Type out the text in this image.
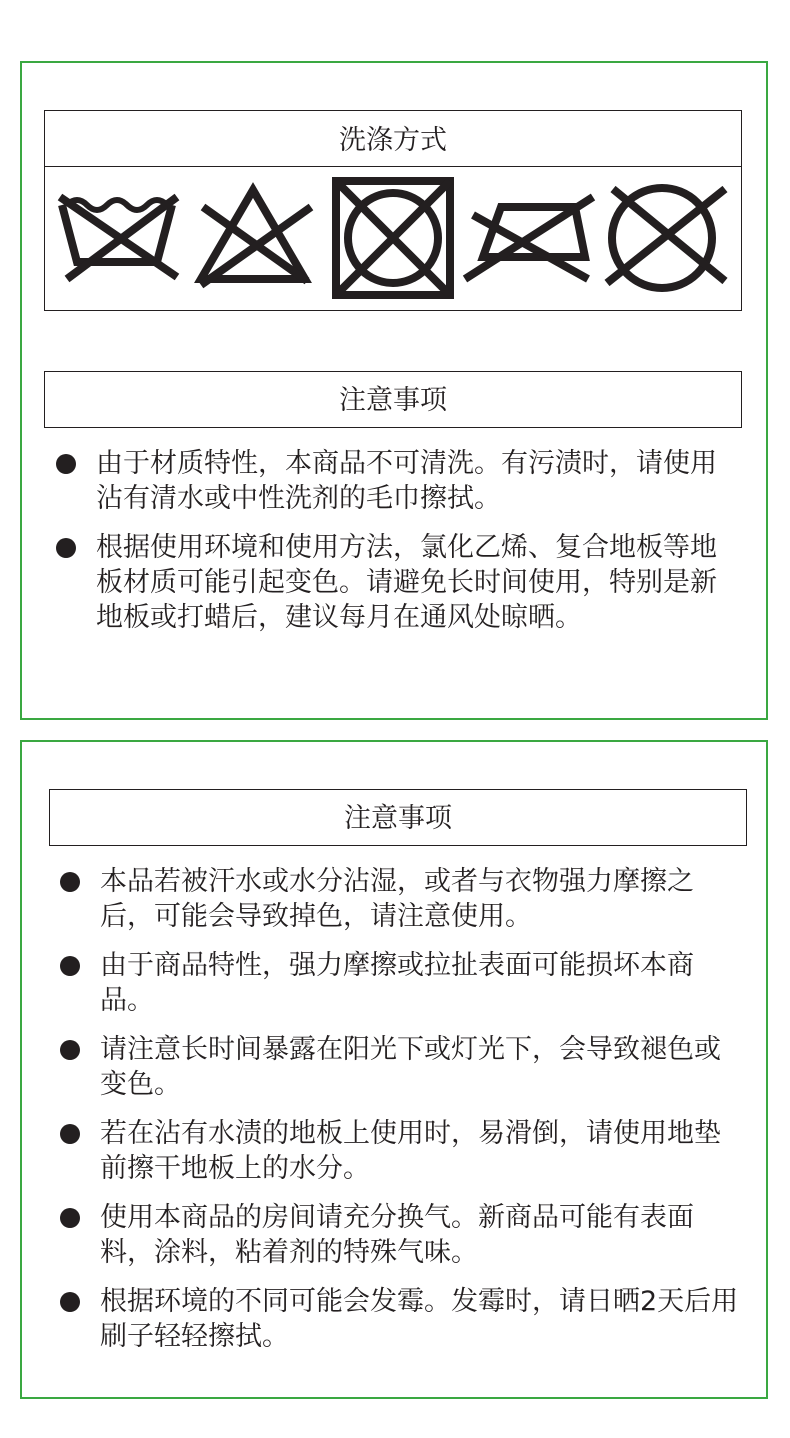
洗涤方式
注意事项
由于材质特性，本商品不可清洗。有污渍时，请使用沾有清水或中性洗剂的毛巾擦拭。
根据使用环境和使用方法，氯化乙烯、复合地板等地板材质可能引起变色。请避免长时间使用，特别是新地板或打蜡后，建议每月在通风处晾晒。
注意事项
本品若被汗水或水分沾湿，或者与衣物强力摩擦之后，可能会导致掉色，请注意使用。
由于商品特性，强力摩擦或拉扯表面可能损坏本商品。
请注意长时间暴露在阳光下或灯光下，会导致褪色或变色。
若在沾有水渍的地板上使用时，易滑倒，请使用地垫前擦干地板上的水分。
使用本商品的房间请充分换气。新商品可能有表面料，涂料，粘着剂的特殊气味。
根据环境的不同可能会发霉。发霉时，请日晒2天后用刷子轻轻擦拭。
